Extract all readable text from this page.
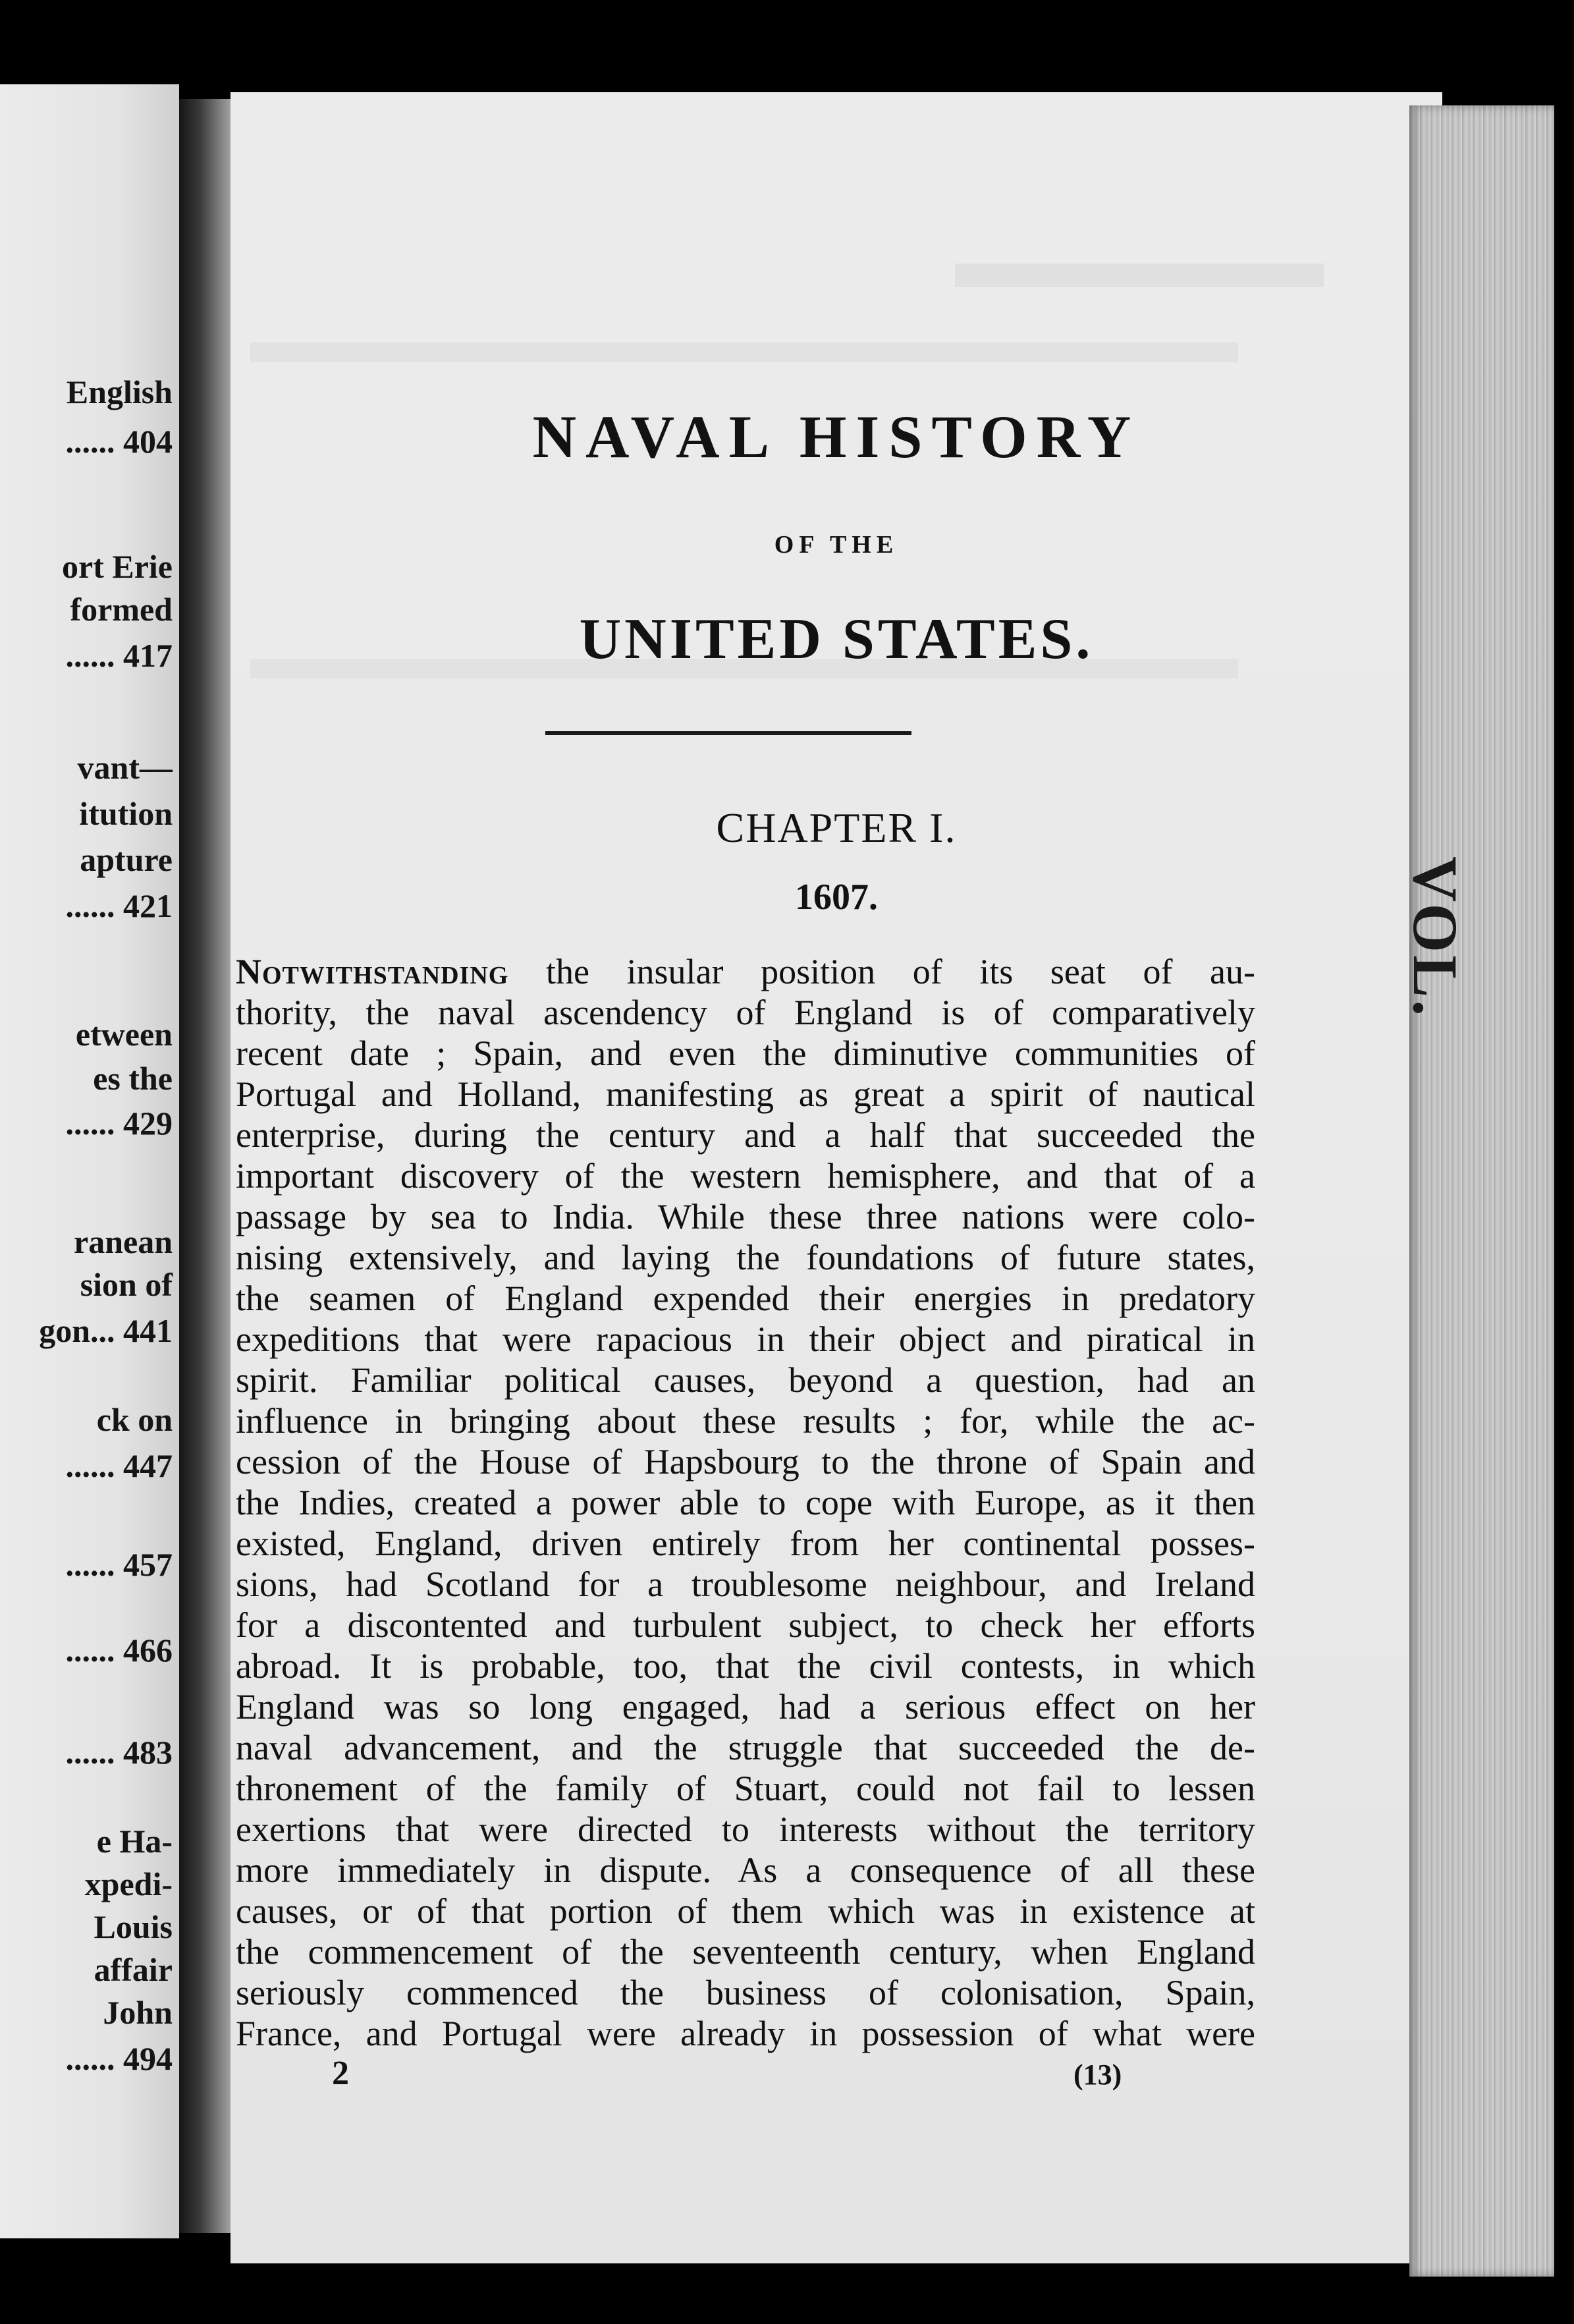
English
...... 404
ort Erie
formed
...... 417
vant—
itution
apture
...... 421
etween
es the
...... 429
ranean
sion of
gon... 441
ck on
...... 447
...... 457
...... 466
...... 483
e Ha-
xpedi-
Louis
affair
John
...... 494
VOL.
NAVAL HISTORY
OF THE
UNITED STATES.
CHAPTER I.
1607.
Notwithstanding the insular position of its seat of au-
thority, the naval ascendency of England is of comparatively
recent date ; Spain, and even the diminutive communities of
Portugal and Holland, manifesting as great a spirit of nautical
enterprise, during the century and a half that succeeded the
important discovery of the western hemisphere, and that of a
passage by sea to India. While these three nations were colo-
nising extensively, and laying the foundations of future states,
the seamen of England expended their energies in predatory
expeditions that were rapacious in their object and piratical in
spirit. Familiar political causes, beyond a question, had an
influence in bringing about these results ; for, while the ac-
cession of the House of Hapsbourg to the throne of Spain and
the Indies, created a power able to cope with Europe, as it then
existed, England, driven entirely from her continental posses-
sions, had Scotland for a troublesome neighbour, and Ireland
for a discontented and turbulent subject, to check her efforts
abroad. It is probable, too, that the civil contests, in which
England was so long engaged, had a serious effect on her
naval advancement, and the struggle that succeeded the de-
thronement of the family of Stuart, could not fail to lessen
exertions that were directed to interests without the territory
more immediately in dispute. As a consequence of all these
causes, or of that portion of them which was in existence at
the commencement of the seventeenth century, when England
seriously commenced the business of colonisation, Spain,
France, and Portugal were already in possession of what were
2	(13)
